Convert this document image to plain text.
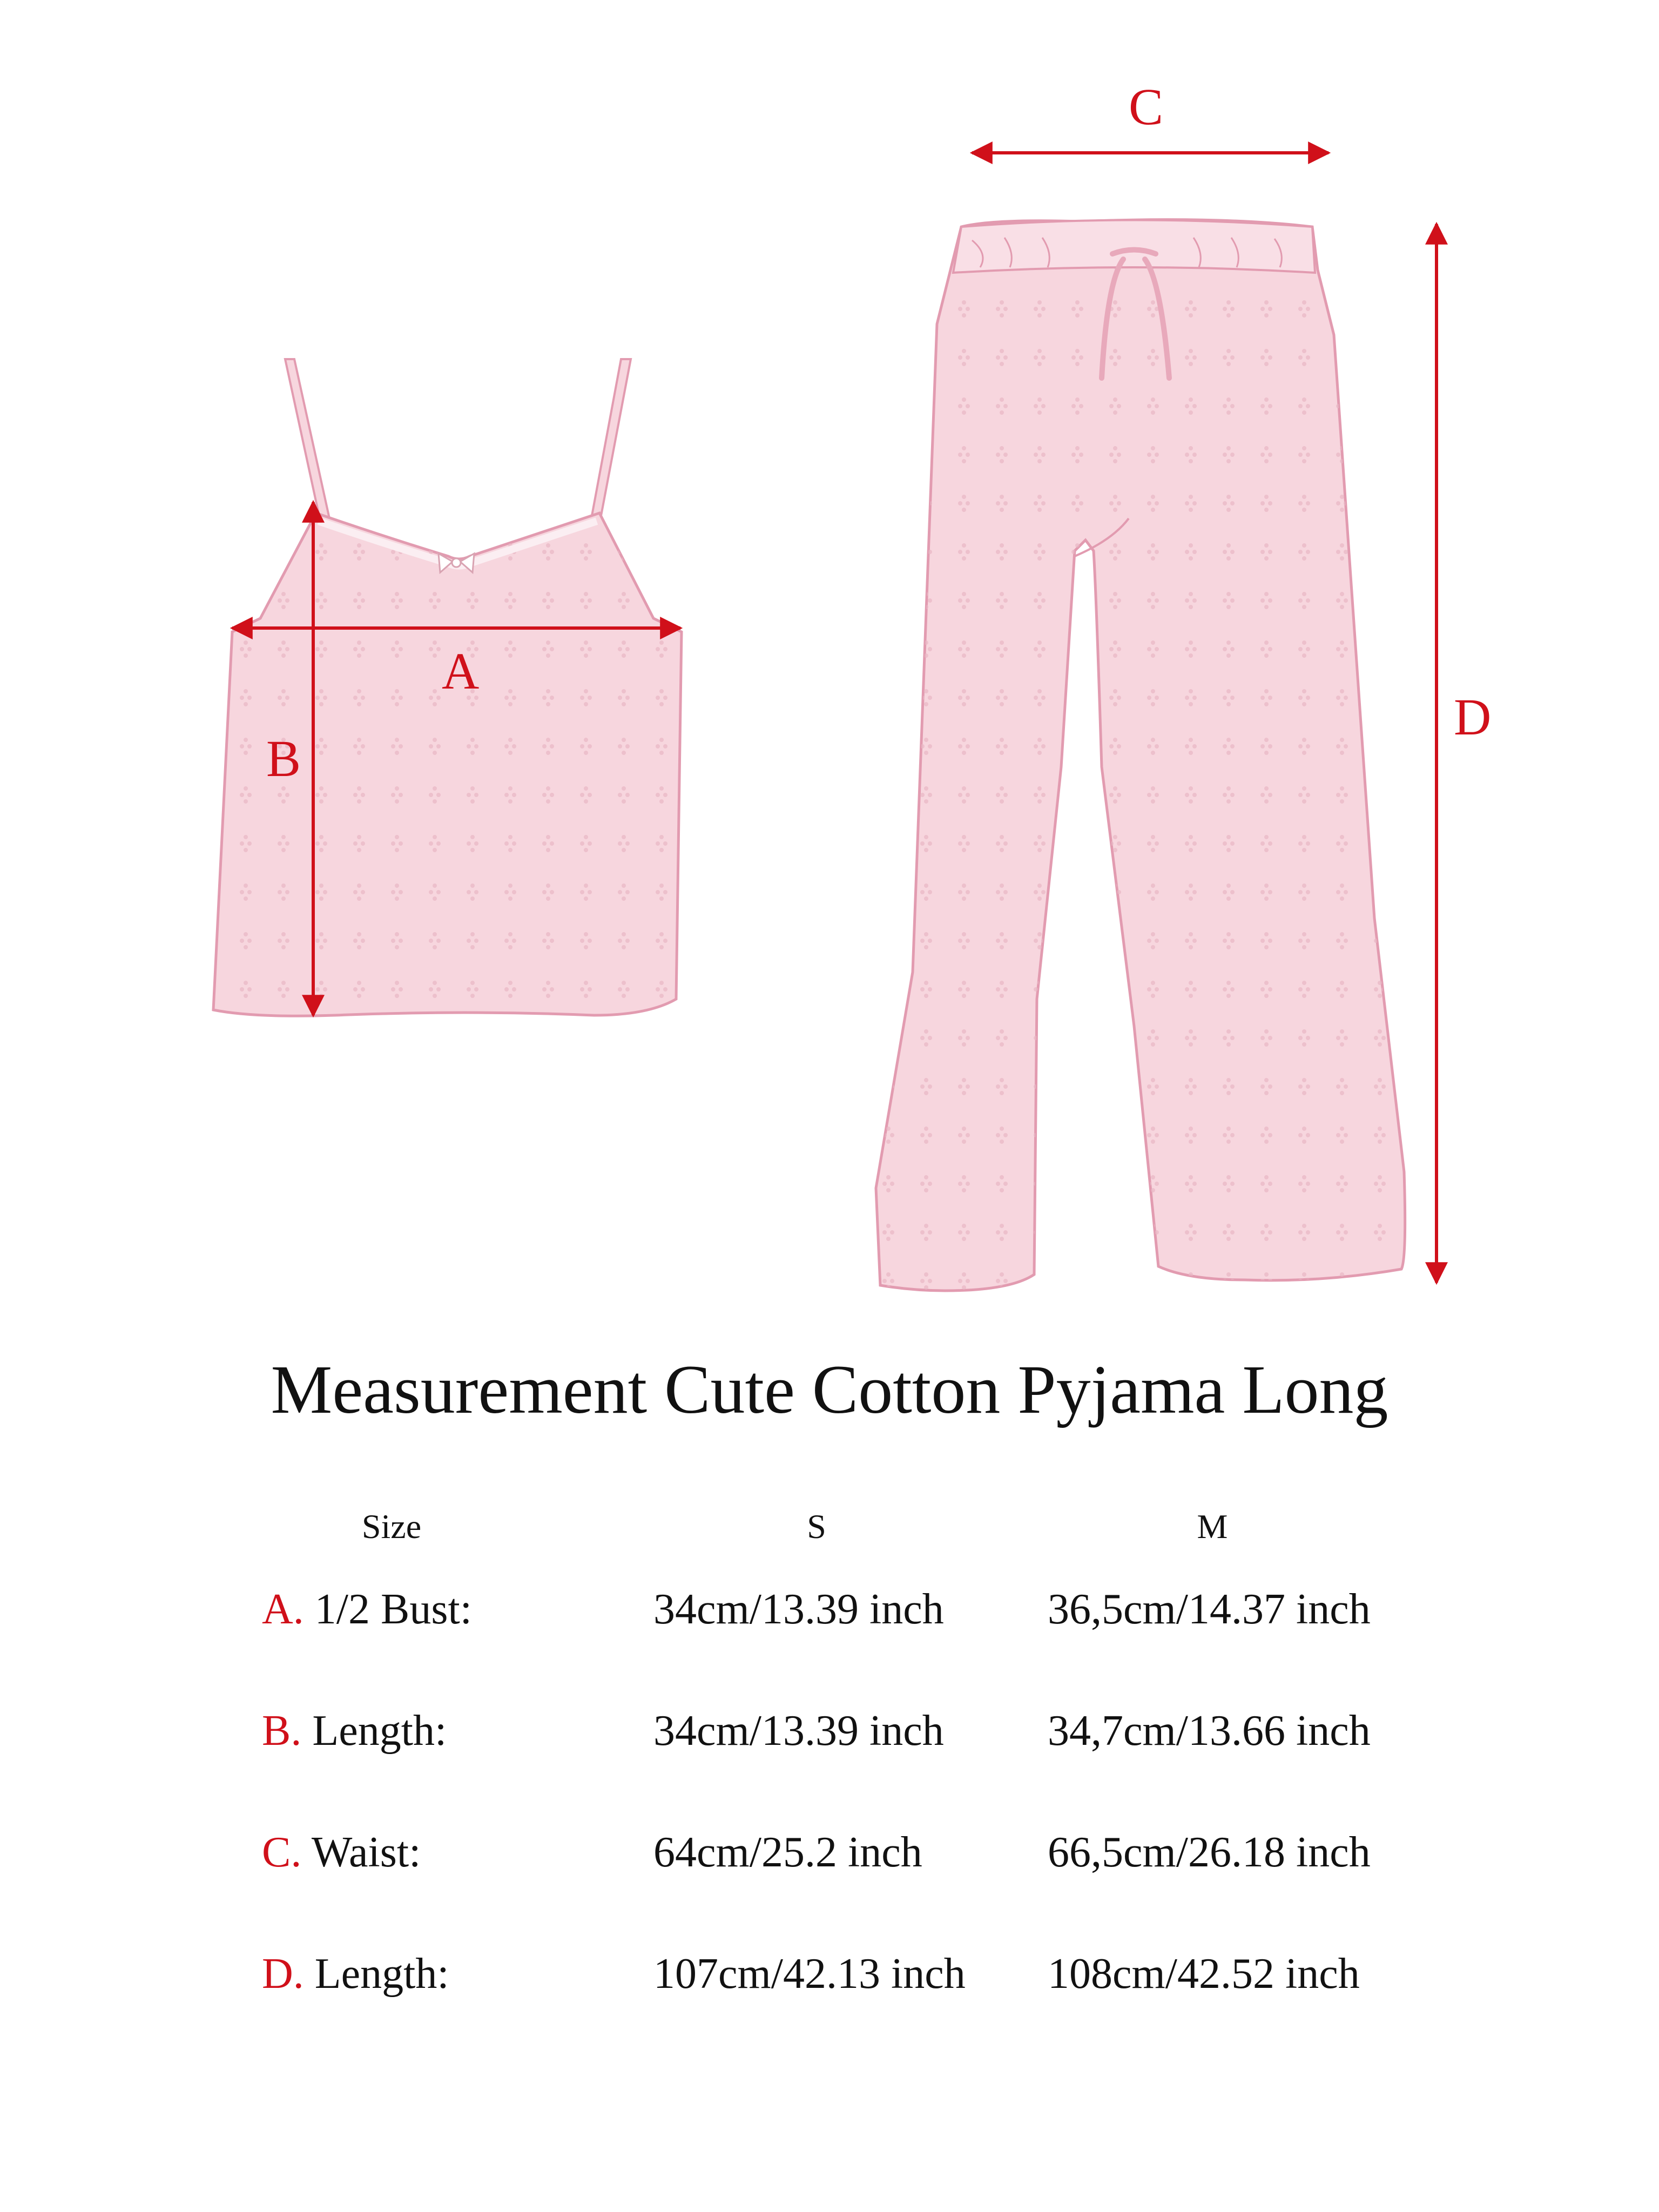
A
B
C
D
Measurement Cute Cotton Pyjama Long
Size	S	M
A. 1/2 Bust:	34cm/13.39 inch 36,5cm/14.37 inch
B. Length:	34cm/13.39 inch 34,7cm/13.66 inch
C. Waist:	64cm/25.2 inch	66,5cm/26.18 inch
D. Length:	107cm/42.13 inch 108cm/42.52 inch
